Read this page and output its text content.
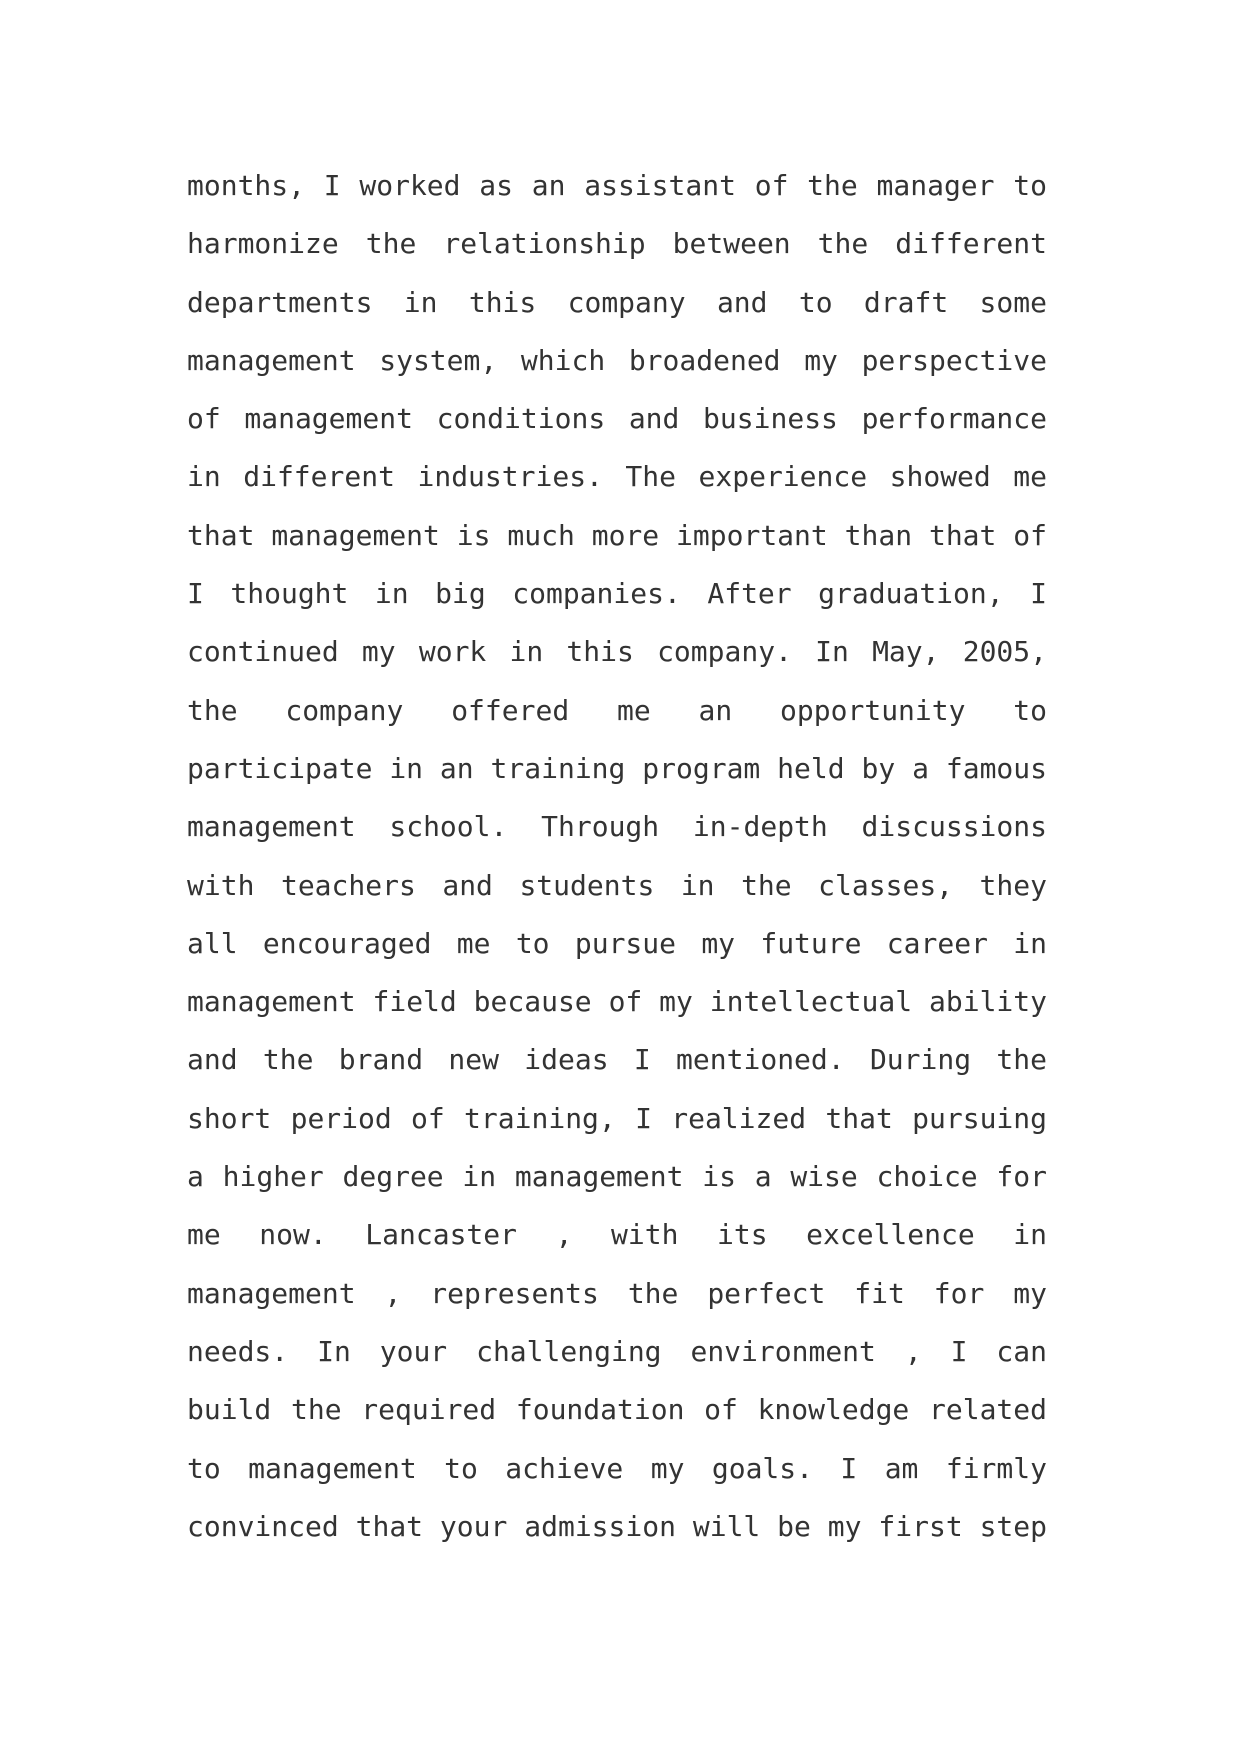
months, I worked as an assistant of the manager to
harmonize the relationship between the different
departments in this company and to draft some
management system, which broadened my perspective
of management conditions and business performance
in different industries. The experience showed me
that management is much more important than that of
I thought in big companies. After graduation, I
continued my work in this company. In May, 2005,
the company offered me an opportunity to
participate in an training program held by a famous
management school. Through in-depth discussions
with teachers and students in the classes, they
all encouraged me to pursue my future career in
management field because of my intellectual ability
and the brand new ideas I mentioned. During the
short period of training, I realized that pursuing
a higher degree in management is a wise choice for
me now. Lancaster , with its excellence in
management , represents the perfect fit for my
needs. In your challenging environment , I can
build the required foundation of knowledge related
to management to achieve my goals. I am firmly
convinced that your admission will be my first step
